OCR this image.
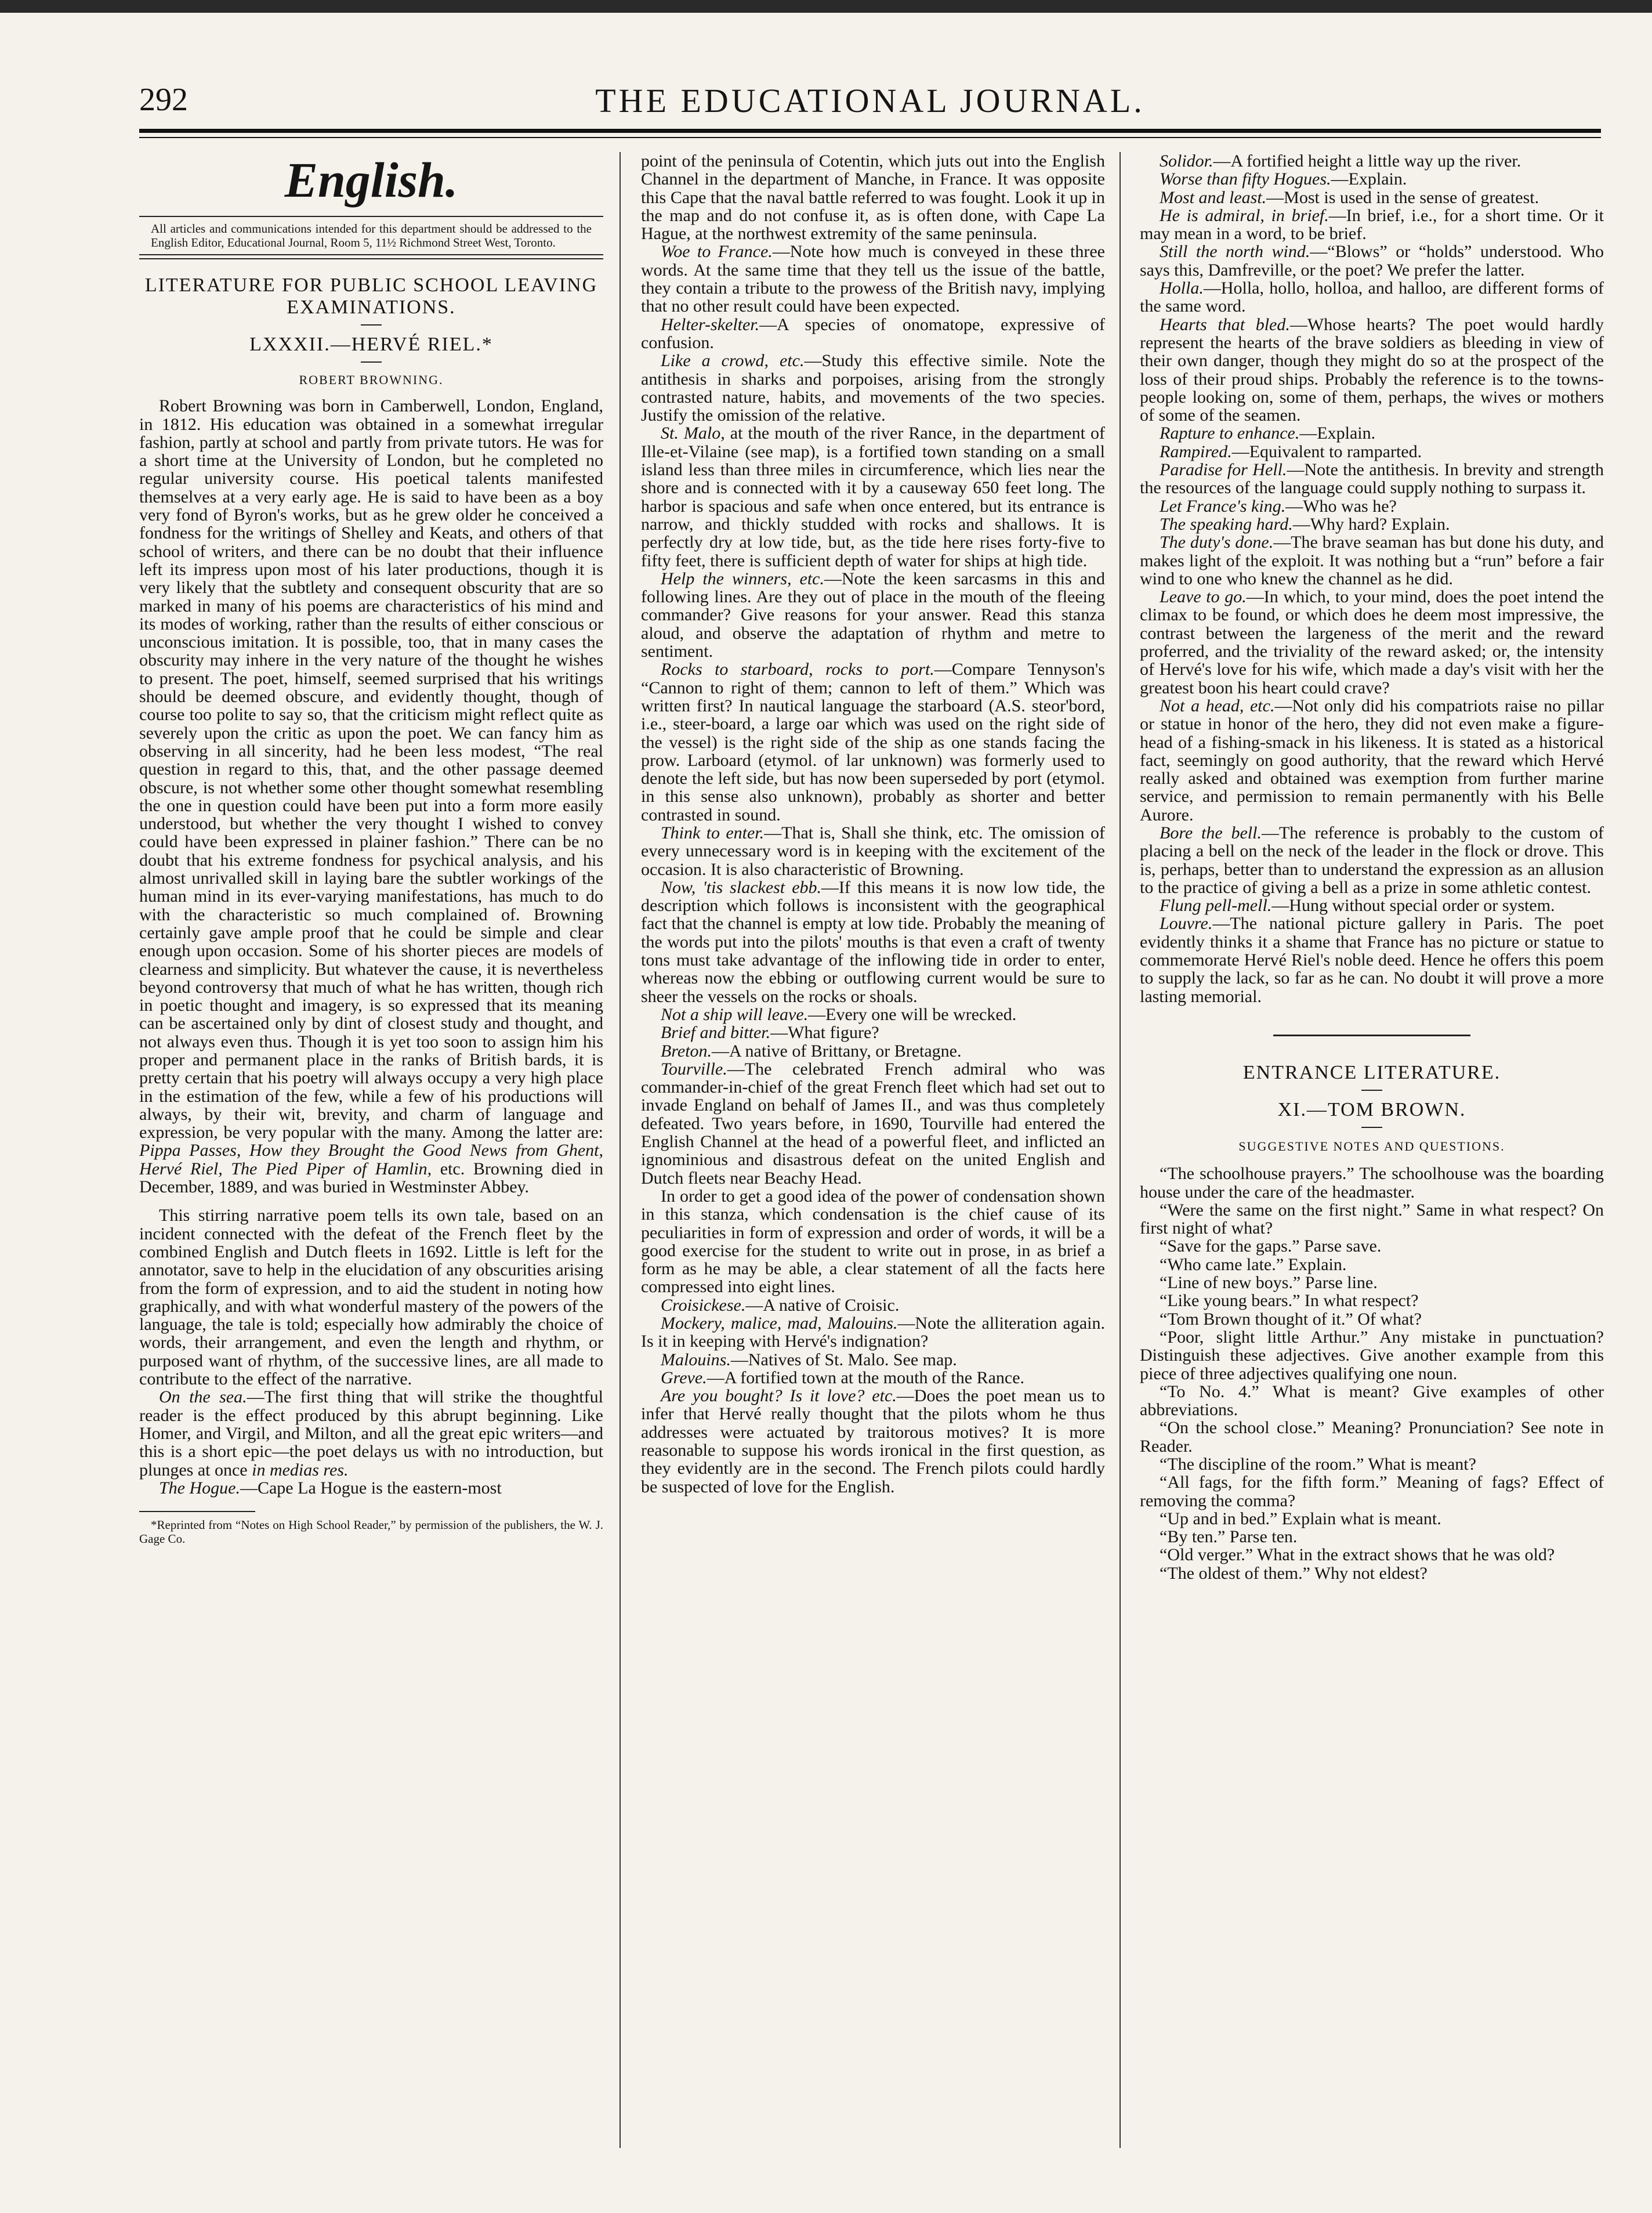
292	THE EDUCATIONAL JOURNAL.
English.
All articles and communications intended for this department should be addressed to the English Editor, Educational Journal, Room 5, 11½ Richmond Street West, Toronto.
LITERATURE FOR PUBLIC SCHOOL LEAVING EXAMINATIONS.
LXXXII.—HERVÉ RIEL.*
ROBERT BROWNING.

Robert Browning was born in Camberwell, London, England, in 1812. His education was obtained in a somewhat irregular fashion, partly at school and partly from private tutors. He was for a short time at the University of London, but he completed no regular university course. His poetical talents manifested themselves at a very early age. He is said to have been as a boy very fond of Byron's works, but as he grew older he conceived a fondness for the writings of Shelley and Keats, and others of that school of writers, and there can be no doubt that their influence left its impress upon most of his later productions, though it is very likely that the subtlety and consequent obscurity that are so marked in many of his poems are characteristics of his mind and its modes of working, rather than the results of either conscious or unconscious imitation. It is possible, too, that in many cases the obscurity may inhere in the very nature of the thought he wishes to present. The poet, himself, seemed surprised that his writings should be deemed obscure, and evidently thought, though of course too polite to say so, that the criticism might reflect quite as severely upon the critic as upon the poet. We can fancy him as observing in all sincerity, had he been less modest, “The real question in regard to this, that, and the other passage deemed obscure, is not whether some other thought somewhat resembling the one in question could have been put into a form more easily understood, but whether the very thought I wished to convey could have been expressed in plainer fashion.” There can be no doubt that his extreme fondness for psychical analysis, and his almost unrivalled skill in laying bare the subtler workings of the human mind in its ever-varying manifestations, has much to do with the characteristic so much complained of. Browning certainly gave ample proof that he could be simple and clear enough upon occasion. Some of his shorter pieces are models of clearness and simplicity. But whatever the cause, it is nevertheless beyond controversy that much of what he has written, though rich in poetic thought and imagery, is so expressed that its meaning can be ascertained only by dint of closest study and thought, and not always even thus. Though it is yet too soon to assign him his proper and permanent place in the ranks of British bards, it is pretty certain that his poetry will always occupy a very high place in the estimation of the few, while a few of his productions will always, by their wit, brevity, and charm of language and expression, be very popular with the many. Among the latter are: Pippa Passes, How they Brought the Good News from Ghent, Hervé Riel, The Pied Piper of Hamlin, etc. Browning died in December, 1889, and was buried in Westminster Abbey.

This stirring narrative poem tells its own tale, based on an incident connected with the defeat of the French fleet by the combined English and Dutch fleets in 1692. Little is left for the annotator, save to help in the elucidation of any obscurities arising from the form of expression, and to aid the student in noting how graphically, and with what wonderful mastery of the powers of the language, the tale is told; especially how admirably the choice of words, their arrangement, and even the length and rhythm, or purposed want of rhythm, of the successive lines, are all made to contribute to the effect of the narrative.

On the sea.—The first thing that will strike the thoughtful reader is the effect produced by this abrupt beginning. Like Homer, and Virgil, and Milton, and all the great epic writers—and this is a short epic—the poet delays us with no introduction, but plunges at once in medias res.

The Hogue.—Cape La Hogue is the eastern-most

*Reprinted from “Notes on High School Reader,” by permission of the publishers, the W. J. Gage Co.

point of the peninsula of Cotentin, which juts out into the English Channel in the department of Manche, in France. It was opposite this Cape that the naval battle referred to was fought. Look it up in the map and do not confuse it, as is often done, with Cape La Hague, at the northwest extremity of the same peninsula.

Woe to France.—Note how much is conveyed in these three words. At the same time that they tell us the issue of the battle, they contain a tribute to the prowess of the British navy, implying that no other result could have been expected.

Helter-skelter.—A species of onomatope, expressive of confusion.

Like a crowd, etc.—Study this effective simile. Note the antithesis in sharks and porpoises, arising from the strongly contrasted nature, habits, and movements of the two species. Justify the omission of the relative.

St. Malo, at the mouth of the river Rance, in the department of Ille-et-Vilaine (see map), is a fortified town standing on a small island less than three miles in circumference, which lies near the shore and is connected with it by a causeway 650 feet long. The harbor is spacious and safe when once entered, but its entrance is narrow, and thickly studded with rocks and shallows. It is perfectly dry at low tide, but, as the tide here rises forty-five to fifty feet, there is sufficient depth of water for ships at high tide.

Help the winners, etc.—Note the keen sarcasms in this and following lines. Are they out of place in the mouth of the fleeing commander? Give reasons for your answer. Read this stanza aloud, and observe the adaptation of rhythm and metre to sentiment.

Rocks to starboard, rocks to port.—Compare Tennyson's “Cannon to right of them; cannon to left of them.” Which was written first? In nautical language the starboard (A.S. steor'bord, i.e., steer-board, a large oar which was used on the right side of the vessel) is the right side of the ship as one stands facing the prow. Larboard (etymol. of lar unknown) was formerly used to denote the left side, but has now been superseded by port (etymol. in this sense also unknown), probably as shorter and better contrasted in sound.

Think to enter.—That is, Shall she think, etc. The omission of every unnecessary word is in keeping with the excitement of the occasion. It is also characteristic of Browning.

Now, 'tis slackest ebb.—If this means it is now low tide, the description which follows is inconsistent with the geographical fact that the channel is empty at low tide. Probably the meaning of the words put into the pilots' mouths is that even a craft of twenty tons must take advantage of the inflowing tide in order to enter, whereas now the ebbing or outflowing current would be sure to sheer the vessels on the rocks or shoals.

Not a ship will leave.—Every one will be wrecked.

Brief and bitter.—What figure?

Breton.—A native of Brittany, or Bretagne.

Tourville.—The celebrated French admiral who was commander-in-chief of the great French fleet which had set out to invade England on behalf of James II., and was thus completely defeated. Two years before, in 1690, Tourville had entered the English Channel at the head of a powerful fleet, and inflicted an ignominious and disastrous defeat on the united English and Dutch fleets near Beachy Head.

In order to get a good idea of the power of condensation shown in this stanza, which condensation is the chief cause of its peculiarities in form of expression and order of words, it will be a good exercise for the student to write out in prose, in as brief a form as he may be able, a clear statement of all the facts here compressed into eight lines.

Croisickese.—A native of Croisic.

Mockery, malice, mad, Malouins.—Note the alliteration again. Is it in keeping with Hervé's indignation?

Malouins.—Natives of St. Malo. See map.

Greve.—A fortified town at the mouth of the Rance.

Are you bought? Is it love? etc.—Does the poet mean us to infer that Hervé really thought that the pilots whom he thus addresses were actuated by traitorous motives? It is more reasonable to suppose his words ironical in the first question, as they evidently are in the second. The French pilots could hardly be suspected of love for the English.

Solidor.—A fortified height a little way up the river.

Worse than fifty Hogues.—Explain.

Most and least.—Most is used in the sense of greatest.

He is admiral, in brief.—In brief, i.e., for a short time. Or it may mean in a word, to be brief.

Still the north wind.—“Blows” or “holds” understood. Who says this, Damfreville, or the poet? We prefer the latter.

Holla.—Holla, hollo, holloa, and halloo, are different forms of the same word.

Hearts that bled.—Whose hearts? The poet would hardly represent the hearts of the brave soldiers as bleeding in view of their own danger, though they might do so at the prospect of the loss of their proud ships. Probably the reference is to the towns-people looking on, some of them, perhaps, the wives or mothers of some of the seamen.

Rapture to enhance.—Explain.

Rampired.—Equivalent to ramparted.

Paradise for Hell.—Note the antithesis. In brevity and strength the resources of the language could supply nothing to surpass it.

Let France's king.—Who was he?

The speaking hard.—Why hard? Explain.

The duty's done.—The brave seaman has but done his duty, and makes light of the exploit. It was nothing but a “run” before a fair wind to one who knew the channel as he did.

Leave to go.—In which, to your mind, does the poet intend the climax to be found, or which does he deem most impressive, the contrast between the largeness of the merit and the reward proferred, and the triviality of the reward asked; or, the intensity of Hervé's love for his wife, which made a day's visit with her the greatest boon his heart could crave?

Not a head, etc.—Not only did his compatriots raise no pillar or statue in honor of the hero, they did not even make a figure-head of a fishing-smack in his likeness. It is stated as a historical fact, seemingly on good authority, that the reward which Hervé really asked and obtained was exemption from further marine service, and permission to remain permanently with his Belle Aurore.

Bore the bell.—The reference is probably to the custom of placing a bell on the neck of the leader in the flock or drove. This is, perhaps, better than to understand the expression as an allusion to the practice of giving a bell as a prize in some athletic contest.

Flung pell-mell.—Hung without special order or system.

Louvre.—The national picture gallery in Paris. The poet evidently thinks it a shame that France has no picture or statue to commemorate Hervé Riel's noble deed. Hence he offers this poem to supply the lack, so far as he can. No doubt it will prove a more lasting memorial.

ENTRANCE LITERATURE.
XI.—TOM BROWN.
SUGGESTIVE NOTES AND QUESTIONS.

“The schoolhouse prayers.” The schoolhouse was the boarding house under the care of the headmaster.

“Were the same on the first night.” Same in what respect? On first night of what?

“Save for the gaps.” Parse save.

“Who came late.” Explain.

“Line of new boys.” Parse line.

“Like young bears.” In what respect?

“Tom Brown thought of it.” Of what?

“Poor, slight little Arthur.” Any mistake in punctuation? Distinguish these adjectives. Give another example from this piece of three adjectives qualifying one noun.

“To No. 4.” What is meant? Give examples of other abbreviations.

“On the school close.” Meaning? Pronunciation? See note in Reader.

“The discipline of the room.” What is meant?

“All fags, for the fifth form.” Meaning of fags? Effect of removing the comma?

“Up and in bed.” Explain what is meant.

“By ten.” Parse ten.

“Old verger.” What in the extract shows that he was old?

“The oldest of them.” Why not eldest?
